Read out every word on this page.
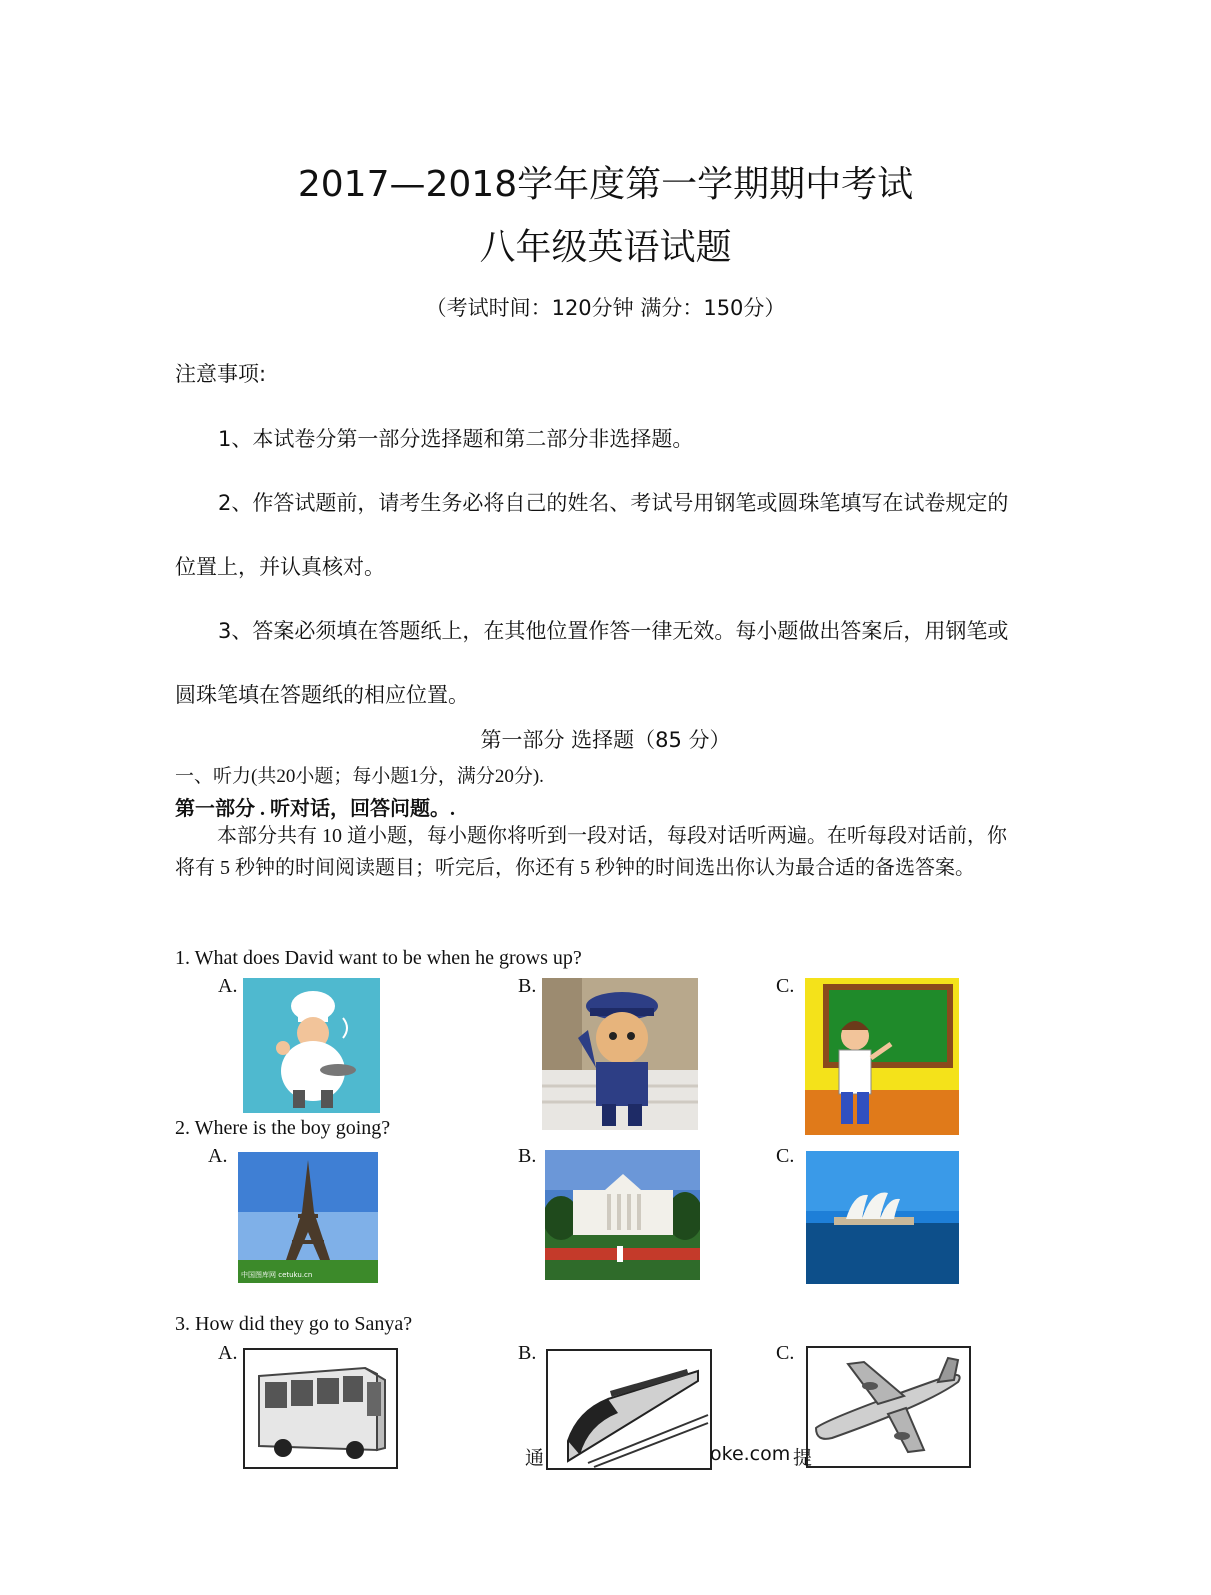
2017—2018学年度第一学期期中考试
八年级英语试题
（考试时间：120分钟 满分：150分）
注意事项:
1、本试卷分第一部分选择题和第二部分非选择题。
2、作答试题前，请考生务必将自己的姓名、考试号用钢笔或圆珠笔填写在试卷规定的
位置上，并认真核对。
3、答案必须填在答题纸上，在其他位置作答一律无效。每小题做出答案后，用钢笔或
圆珠笔填在答题纸的相应位置。
第一部分 选择题（85 分）
一、听力(共20小题；每小题1分，满分20分).
第一部分 . 听对话，回答问题。.
本部分共有 10 道小题，每小题你将听到一段对话，每段对话听两遍。在听每段对话前，你将有 5 秒钟的时间阅读题目；听完后，你还有 5 秒钟的时间选出你认为最合适的备选答案。
1. What does David want to be when he grows up?
A.	B.	C.
2. Where is the boy going?
A.	B.	C.
中国图库网 cetuku.cn
3. How did they go to Sanya?
A.	B.	C.
通	oke.com 提
